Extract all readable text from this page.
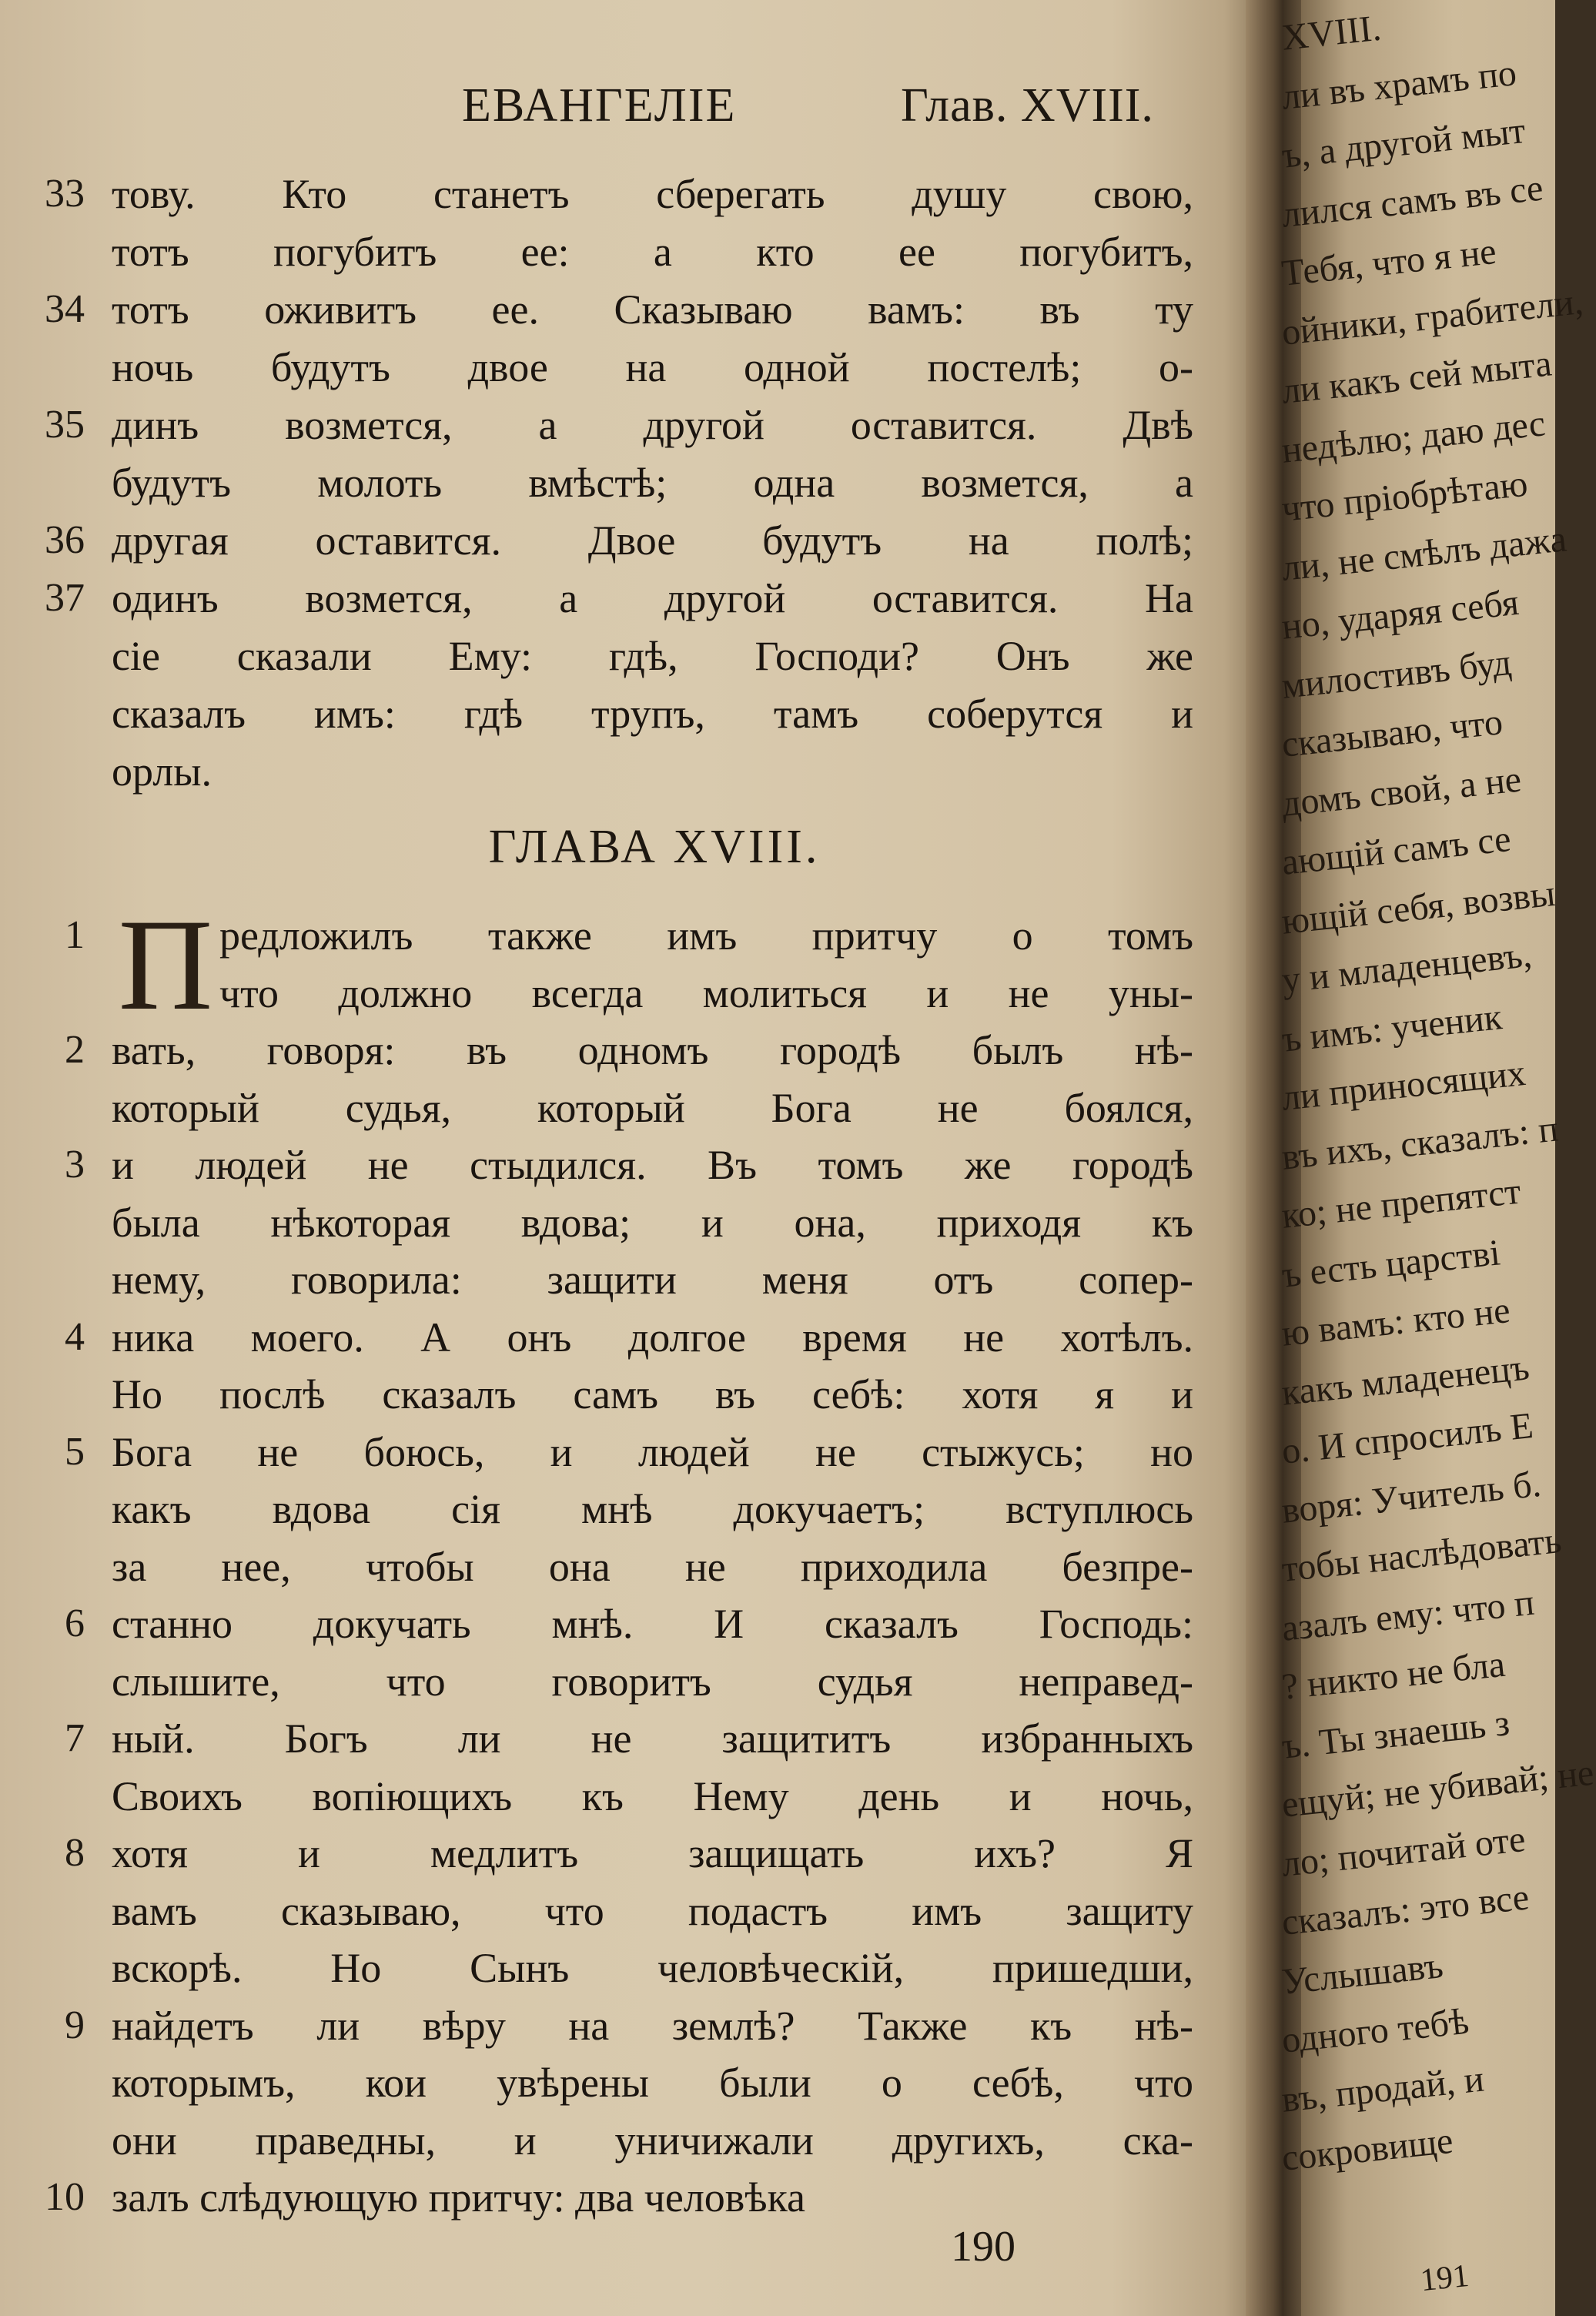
ЕВАНГЕЛІЕ	Глав. XVIII.
33 тову. Кто станетъ сберегать душу свою,
тотъ погубитъ ее: а кто ее погубитъ,
34 тотъ оживитъ ее. Сказываю вамъ: въ ту
ночь будутъ двое на одной постелѣ; о-
35 динъ возмется, а другой оставится. Двѣ
будутъ молоть вмѣстѣ; одна возмется, а
36 другая оставится. Двое будутъ на полѣ;
37 одинъ возмется, а другой оставится. На
сіе сказали Ему: гдѣ, Господи? Онъ же
сказалъ имъ: гдѣ трупъ, тамъ соберутся и
орлы.
ГЛАВА XVIII.
П
1	редложилъ также имъ притчу о томъ
что должно всегда молиться и не уны-
2 вать, говоря: въ одномъ городѣ былъ нѣ-
который судья, который Бога не боялся,
3 и людей не стыдился. Въ томъ же городѣ
была нѣкоторая вдова; и она, приходя къ
нему, говорила: защити меня отъ сопер-
4 ника моего. А онъ долгое время не хотѣлъ.
Но послѣ сказалъ самъ въ себѣ: хотя я и
5 Бога не боюсь, и людей не стыжусь; но
какъ вдова сія мнѣ докучаетъ; вступлюсь
за нее, чтобы она не приходила безпре-
6 станно докучать мнѣ. И сказалъ Господь:
слышите, что говоритъ судья неправед-
7 ный. Богъ ли не защититъ избранныхъ
Своихъ вопіющихъ къ Нему день и ночь,
8 хотя и медлитъ защищать ихъ? Я
вамъ сказываю, что подастъ имъ защиту
вскорѣ. Но Сынъ человѣческій, пришедши,
9 найдетъ ли вѣру на землѣ? Также къ нѣ-
которымъ, кои увѣрены были о себѣ, что
они праведны, и уничижали другихъ, ска-
10 залъ слѣдующую притчу: два человѣка
190
XVIII.
ли въ храмъ по
ъ, а другой мыт
лился самъ въ се
Тебя, что я не
ойники, грабители,
ли какъ сей мыта
недѣлю; даю дес
что пріобрѣтаю
ли, не смѣлъ дажа
но, ударяя себя
милостивъ буд
сказываю, что
домъ свой, а не
ающій самъ се
ющій себя, возвы
у и младенцевъ,
ъ имъ: ученик
ли приносящих
въ ихъ, сказалъ: п
ко; не препятст
ъ есть царствi
ю вамъ: кто не
какъ младенецъ
о. И спросилъ Е
воря: Учитель б.
тобы наслѣдовать
азалъ ему: что п
? никто не бла
ъ. Ты знаешь з
ещуй; не убивай; не
ло; почитай оте
сказалъ: это все
Услышавъ
одного тебѣ
въ, продай, и
сокровище
191
